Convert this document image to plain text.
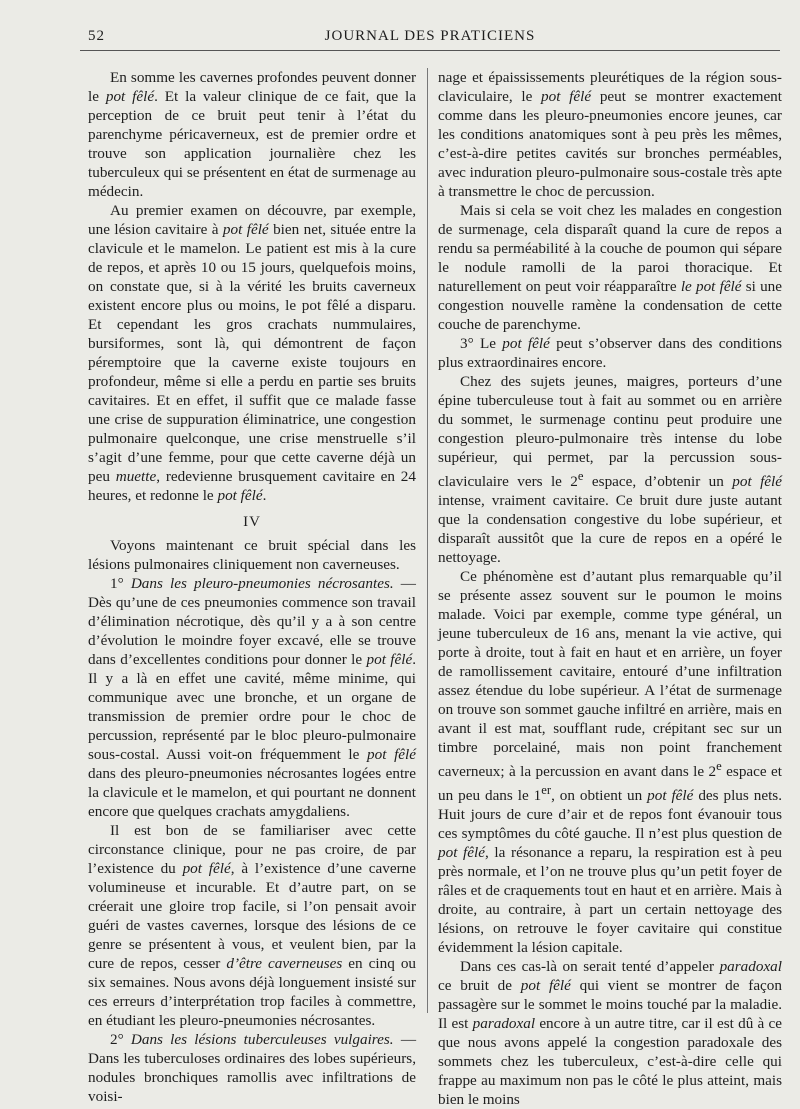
52	JOURNAL DES PRATICIENS

En somme les cavernes profondes peuvent donner le pot fêlé. Et la valeur clinique de ce fait, que la perception de ce bruit peut tenir à l’état du parenchyme péricaverneux, est de premier ordre et trouve son application journalière chez les tuberculeux qui se présentent en état de surmenage au médecin.

Au premier examen on découvre, par exemple, une lésion cavitaire à pot fêlé bien net, située entre la clavicule et le mamelon. Le patient est mis à la cure de repos, et après 10 ou 15 jours, quelquefois moins, on constate que, si à la vérité les bruits caverneux existent encore plus ou moins, le pot fêlé a disparu. Et cependant les gros crachats nummulaires, bursiformes, sont là, qui démontrent de façon péremptoire que la caverne existe toujours en profondeur, même si elle a perdu en partie ses bruits cavitaires. Et en effet, il suffit que ce malade fasse une crise de suppuration éliminatrice, une congestion pulmonaire quelconque, une crise menstruelle s’il s’agit d’une femme, pour que cette caverne déjà un peu muette, redevienne brusquement cavitaire en 24 heures, et redonne le pot fêlé.

IV

Voyons maintenant ce bruit spécial dans les lésions pulmonaires cliniquement non caverneuses.

1° Dans les pleuro-pneumonies nécrosantes. — Dès qu’une de ces pneumonies commence son travail d’élimination nécrotique, dès qu’il y a à son centre d’évolution le moindre foyer excavé, elle se trouve dans d’excellentes conditions pour donner le pot fêlé. Il y a là en effet une cavité, même minime, qui communique avec une bronche, et un organe de transmission de premier ordre pour le choc de percussion, représenté par le bloc pleuro-pulmonaire sous-costal. Aussi voit-on fréquemment le pot fêlé dans des pleuro-pneumonies nécrosantes logées entre la clavicule et le mamelon, et qui pourtant ne donnent encore que quelques crachats amygdaliens.

Il est bon de se familiariser avec cette circonstance clinique, pour ne pas croire, de par l’existence du pot fêlé, à l’existence d’une caverne volumineuse et incurable. Et d’autre part, on se créerait une gloire trop facile, si l’on pensait avoir guéri de vastes cavernes, lorsque des lésions de ce genre se présentent à vous, et veulent bien, par la cure de repos, cesser d’être caverneuses en cinq ou six semaines. Nous avons déjà longuement insisté sur ces erreurs d’interprétation trop faciles à commettre, en étudiant les pleuro-pneumonies nécrosantes.

2° Dans les lésions tuberculeuses vulgaires. — Dans les tuberculoses ordinaires des lobes supérieurs, nodules bronchiques ramollis avec infiltrations de voisi-

nage et épaississements pleurétiques de la région sous-claviculaire, le pot fêlé peut se montrer exactement comme dans les pleuro-pneumonies encore jeunes, car les conditions anatomiques sont à peu près les mêmes, c’est-à-dire petites cavités sur bronches perméables, avec induration pleuro-pulmonaire sous-costale très apte à transmettre le choc de percussion.

Mais si cela se voit chez les malades en congestion de surmenage, cela disparaît quand la cure de repos a rendu sa perméabilité à la couche de poumon qui sépare le nodule ramolli de la paroi thoracique. Et naturellement on peut voir réapparaître le pot fêlé si une congestion nouvelle ramène la condensation de cette couche de parenchyme.

3° Le pot fêlé peut s’observer dans des conditions plus extraordinaires encore.

Chez des sujets jeunes, maigres, porteurs d’une épine tuberculeuse tout à fait au sommet ou en arrière du sommet, le surmenage continu peut produire une congestion pleuro-pulmonaire très intense du lobe supérieur, qui permet, par la percussion sous-claviculaire vers le 2e espace, d’obtenir un pot fêlé intense, vraiment cavitaire. Ce bruit dure juste autant que la condensation congestive du lobe supérieur, et disparaît aussitôt que la cure de repos en a opéré le nettoyage.

Ce phénomène est d’autant plus remarquable qu’il se présente assez souvent sur le poumon le moins malade. Voici par exemple, comme type général, un jeune tuberculeux de 16 ans, menant la vie active, qui porte à droite, tout à fait en haut et en arrière, un foyer de ramollissement cavitaire, entouré d’une infiltration assez étendue du lobe supérieur. A l’état de surmenage on trouve son sommet gauche infiltré en arrière, mais en avant il est mat, soufflant rude, crépitant sec sur un timbre porcelainé, mais non point franchement caverneux; à la percussion en avant dans le 2e espace et un peu dans le 1er, on obtient un pot fêlé des plus nets. Huit jours de cure d’air et de repos font évanouir tous ces symptômes du côté gauche. Il n’est plus question de pot fêlé, la résonance a reparu, la respiration est à peu près normale, et l’on ne trouve plus qu’un petit foyer de râles et de craquements tout en haut et en arrière. Mais à droite, au contraire, à part un certain nettoyage des lésions, on retrouve le foyer cavitaire qui constitue évidemment la lésion capitale.

Dans ces cas-là on serait tenté d’appeler paradoxal ce bruit de pot fêlé qui vient se montrer de façon passagère sur le sommet le moins touché par la maladie. Il est paradoxal encore à un autre titre, car il est dû à ce que nous avons appelé la congestion paradoxale des sommets chez les tuberculeux, c’est-à-dire celle qui frappe au maximum non pas le côté le plus atteint, mais bien le moins
